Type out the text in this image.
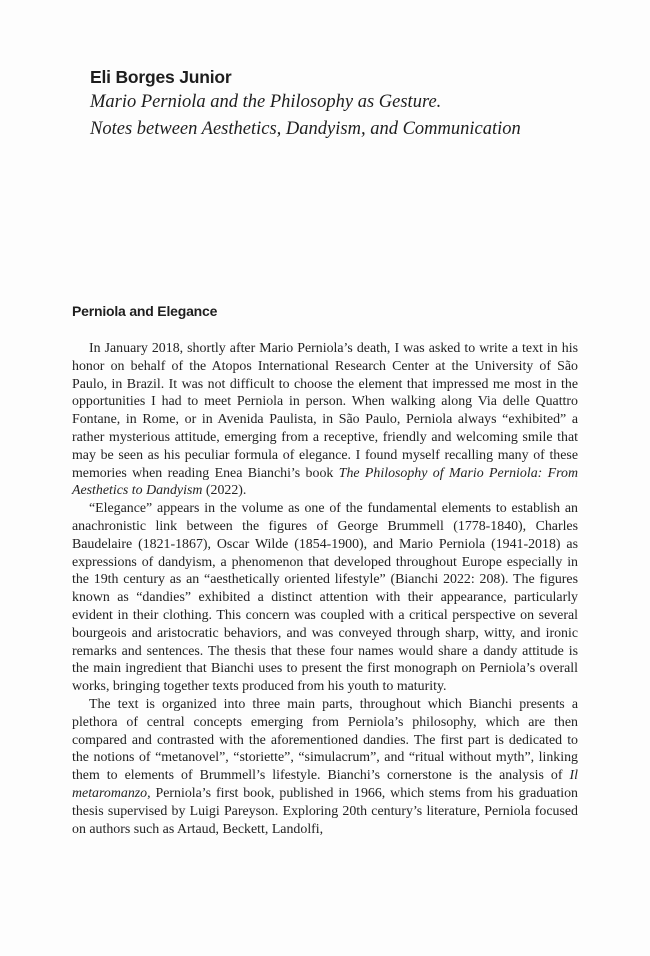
Eli Borges Junior
Mario Perniola and the Philosophy as Gesture.
Notes between Aesthetics, Dandyism, and Communication
Perniola and Elegance

In January 2018, shortly after Mario Perniola’s death, I was asked to write a text in his honor on behalf of the Atopos International Research Center at the University of São Paulo, in Brazil. It was not difficult to choose the element that impressed me most in the opportunities I had to meet Perniola in person. When walking along Via delle Quattro Fontane, in Rome, or in Avenida Paulista, in São Paulo, Perniola always “exhibited” a rather mysterious attitude, emerging from a receptive, friendly and welcoming smile that may be seen as his peculiar formula of elegance. I found myself recalling many of these memories when reading Enea Bianchi’s book The Philosophy of Mario Perniola: From Aesthetics to Dandyism (2022).

“Elegance” appears in the volume as one of the fundamental elements to establish an anachronistic link between the figures of George Brummell (1778-1840), Charles Baudelaire (1821-1867), Oscar Wilde (1854-1900), and Mario Perniola (1941-2018) as expressions of dandyism, a phenomenon that developed throughout Europe especially in the 19th century as an “aesthetically oriented lifestyle” (Bianchi 2022: 208). The figures known as “dandies” exhibited a distinct attention with their appearance, particularly evident in their clothing. This concern was coupled with a critical perspective on several bourgeois and aristocratic behaviors, and was conveyed through sharp, witty, and ironic remarks and sentences. The thesis that these four names would share a dandy attitude is the main ingredient that Bianchi uses to present the first monograph on Perniola’s overall works, bringing together texts produced from his youth to maturity.

The text is organized into three main parts, throughout which Bianchi presents a plethora of central concepts emerging from Perniola’s philosophy, which are then compared and contrasted with the aforementioned dandies. The first part is dedicated to the notions of “metanovel”, “storiette”, “simulacrum”, and “ritual without myth”, linking them to elements of Brummell’s lifestyle. Bianchi’s cornerstone is the analysis of Il metaromanzo, Perniola’s first book, published in 1966, which stems from his graduation thesis supervised by Luigi Pareyson. Exploring 20th century’s literature, Perniola focused on authors such as Artaud, Beckett, Landolfi,
